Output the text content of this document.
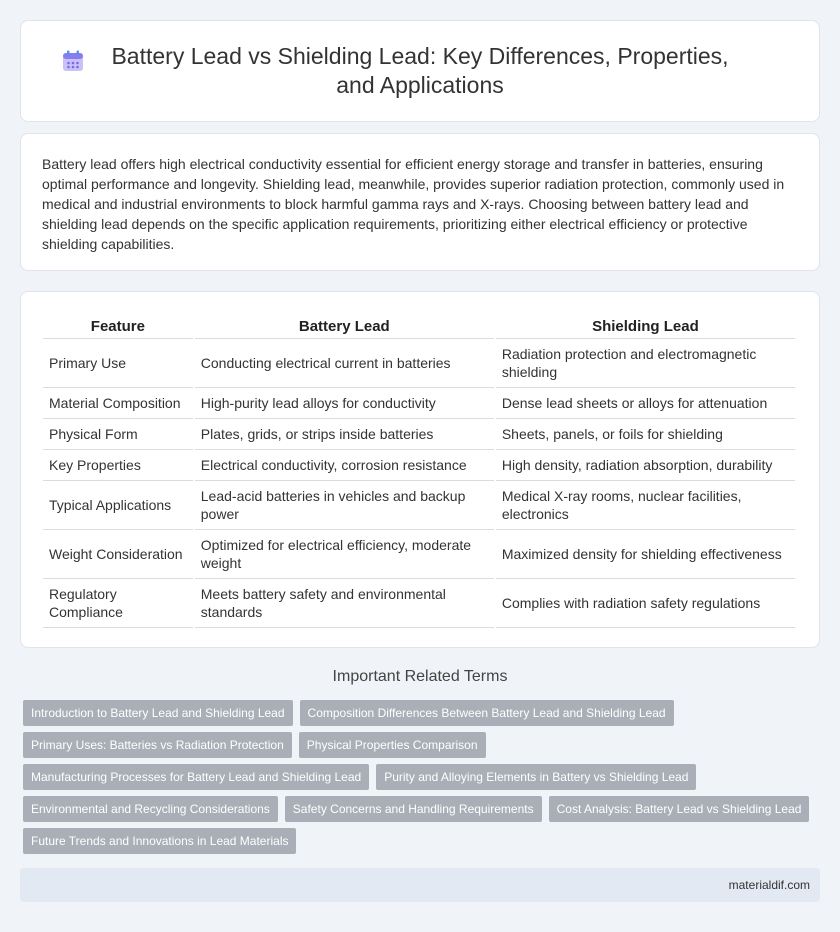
Battery Lead vs Shielding Lead: Key Differences, Properties, and Applications

Battery lead offers high electrical conductivity essential for efficient energy storage and transfer in batteries, ensuring optimal performance and longevity. Shielding lead, meanwhile, provides superior radiation protection, commonly used in medical and industrial environments to block harmful gamma rays and X-rays. Choosing between battery lead and shielding lead depends on the specific application requirements, prioritizing either electrical efficiency or protective shielding capabilities.

Feature	Battery Lead	Shielding Lead
Primary Use	Conducting electrical current in batteries	Radiation protection and electromagnetic shielding
Material Composition	High-purity lead alloys for conductivity	Dense lead sheets or alloys for attenuation
Physical Form	Plates, grids, or strips inside batteries	Sheets, panels, or foils for shielding
Key Properties	Electrical conductivity, corrosion resistance	High density, radiation absorption, durability
Typical Applications	Lead-acid batteries in vehicles and backup power	Medical X-ray rooms, nuclear facilities, electronics
Weight Consideration	Optimized for electrical efficiency, moderate weight	Maximized density for shielding effectiveness
Regulatory Compliance	Meets battery safety and environmental standards	Complies with radiation safety regulations
Important Related Terms
Introduction to Battery Lead and Shielding Lead	Composition Differences Between Battery Lead and Shielding Lead
Primary Uses: Batteries vs Radiation Protection	Physical Properties Comparison
Manufacturing Processes for Battery Lead and Shielding Lead	Purity and Alloying Elements in Battery vs Shielding Lead
Environmental and Recycling Considerations	Safety Concerns and Handling Requirements	Cost Analysis: Battery Lead vs Shielding Lead
Future Trends and Innovations in Lead Materials
materialdif.com
